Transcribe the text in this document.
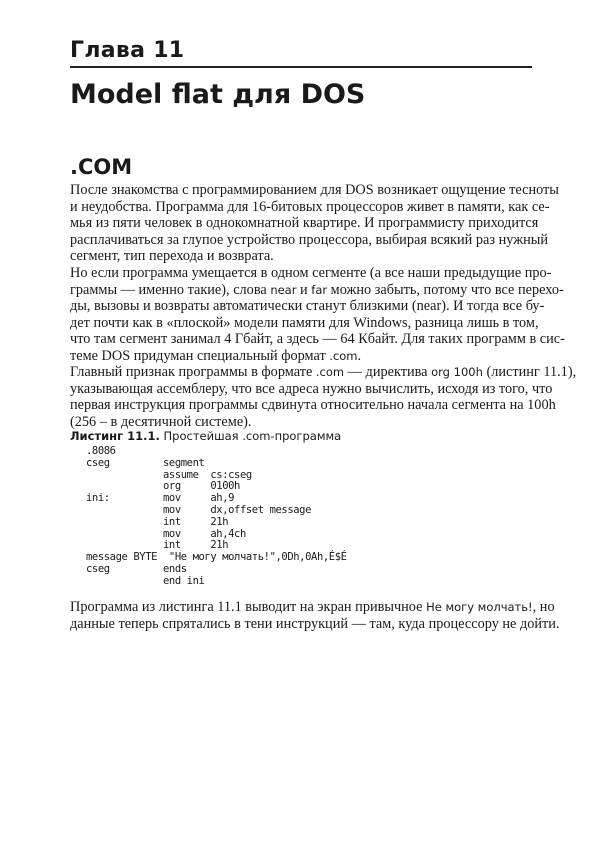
Глава 11
Model flat для DOS
.COM
После знакомства с программированием для DOS возникает ощущение тесноты
и неудобства. Программа для 16-битовых процессоров живет в памяти, как се-
мья из пяти человек в однокомнатной квартире. И программисту приходится
расплачиваться за глупое устройство процессора, выбирая всякий раз нужный
сегмент, тип перехода и возврата.
Но если программа умещается в одном сегменте (а все наши предыдущие про-
граммы — именно такие), слова near и far можно забыть, потому что все перехо-
ды, вызовы и возвраты автоматически станут близкими (near). И тогда все бу-
дет почти как в «плоской» модели памяти для Windows, разница лишь в том,
что там сегмент занимал 4 Гбайт, а здесь — 64 Кбайт. Для таких программ в сис-
теме DOS придуман специальный формат .com.
Главный признак программы в формате .com — директива org 100h (листинг 11.1),
указывающая ассемблеру, что все адреса нужно вычислить, исходя из того, что
первая инструкция программы сдвинута относительно начала сегмента на 100h
(256 – в десятичной системе).
Листинг 11.1. Простейшая .com-программа
.8086
cseg         segment
assume  cs:cseg
org     0100h
ini:         mov     ah,9
mov     dx,offset message
int     21h
mov     ah,4ch
int     21h
message BYTE  "Не могу молчать!",0Dh,0Ah,É$É
cseg         ends
end ini
Программа из листинга 11.1 выводит на экран привычное Не могу молчать!, но
данные теперь спрятались в тени инструкций — там, куда процессору не дойти.
